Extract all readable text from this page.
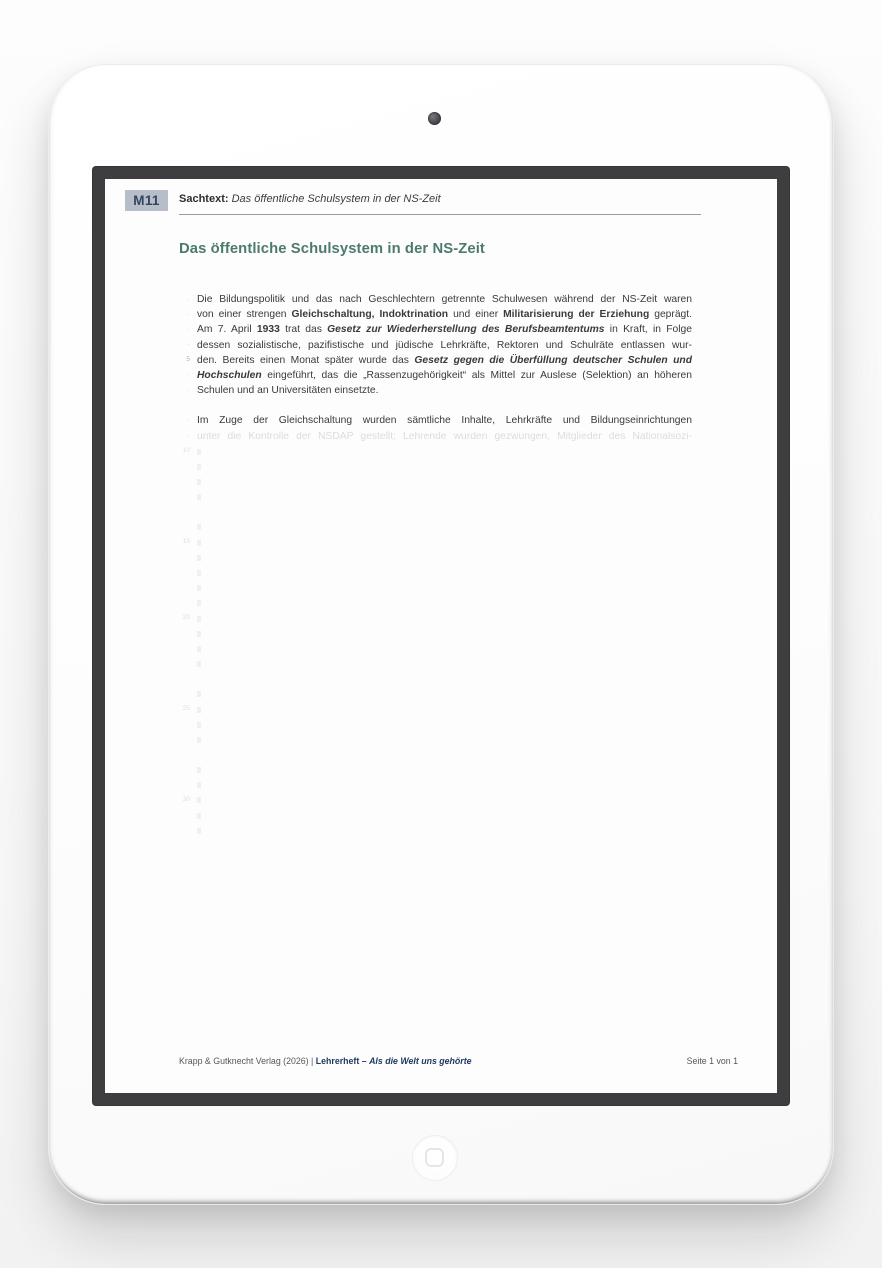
M11	Sachtext: Das öffentliche Schulsystem in der NS-Zeit
Das öffentliche Schulsystem in der NS-Zeit
· Die Bildungspolitik und das nach Geschlechtern getrennte Schulwesen während der NS-Zeit waren
· von einer strengen Gleichschaltung, Indoktrination und einer Militarisierung der Erziehung geprägt.
· Am 7. April 1933 trat das Gesetz zur Wiederherstellung des Berufsbeamtentums in Kraft, in Folge
· dessen sozialistische, pazifistische und jüdische Lehrkräfte, Rektoren und Schulräte entlassen wur-
5 den. Bereits einen Monat später wurde das Gesetz gegen die Überfüllung deutscher Schulen und
· Hochschulen eingeführt, das die „Rassenzugehörigkeit“ als Mittel zur Auslese (Selektion) an höheren
· Schulen und an Universitäten einsetzte.
· Im Zuge der Gleichschaltung wurden sämtliche Inhalte, Lehrkräfte und Bildungseinrichtungen
· unter die Kontrolle der NSDAP gestellt; Lehrende wurden gezwungen, Mitglieder des Nationalsozi-
10
·
·
·
·
15
·
·
·
·
20
·
·
·
·
25
·
·
·
·
30
·
·
Krapp & Gutknecht Verlag (2026) | Lehrerheft – Als die Welt uns gehörte	Seite 1 von 1
